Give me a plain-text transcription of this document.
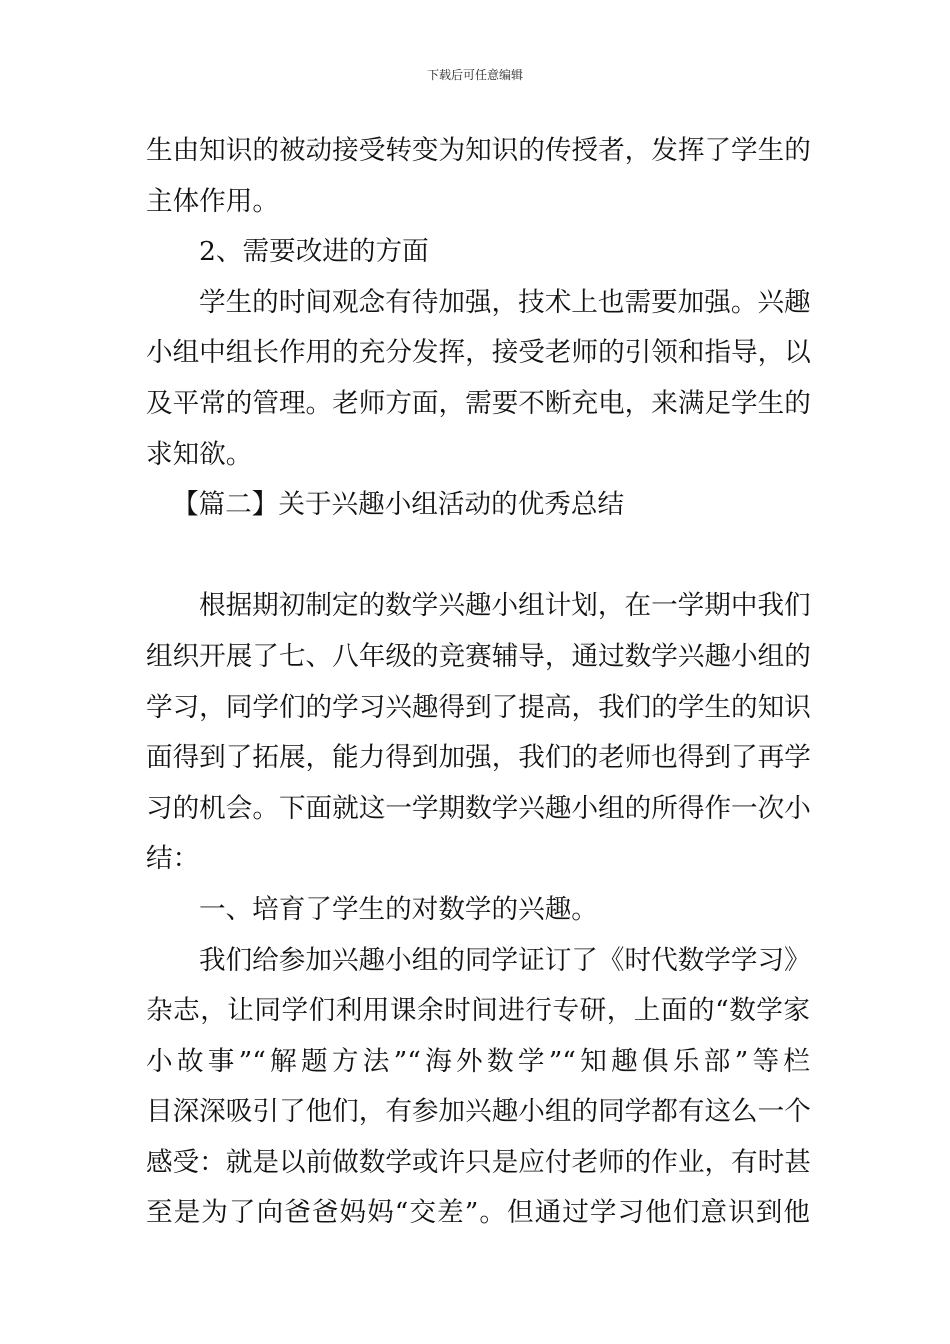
下载后可任意编辑
生由知识的被动接受转变为知识的传授者，发挥了学生的
主体作用。
2、需要改进的方面
学生的时间观念有待加强，技术上也需要加强。兴趣
小组中组长作用的充分发挥，接受老师的引领和指导，以
及平常的管理。老师方面，需要不断充电，来满足学生的
求知欲。
【篇二】关于兴趣小组活动的优秀总结
根据期初制定的数学兴趣小组计划，在一学期中我们
组织开展了七、八年级的竞赛辅导，通过数学兴趣小组的
学习，同学们的学习兴趣得到了提高，我们的学生的知识
面得到了拓展，能力得到加强，我们的老师也得到了再学
习的机会。下面就这一学期数学兴趣小组的所得作一次小
结：
一、培育了学生的对数学的兴趣。
我们给参加兴趣小组的同学证订了《时代数学学习》
杂志，让同学们利用课余时间进行专研，上面的“数学家
小故事”“解题方法”“海外数学”“知趣俱乐部”等栏
目深深吸引了他们，有参加兴趣小组的同学都有这么一个
感受：就是以前做数学或许只是应付老师的作业，有时甚
至是为了向爸爸妈妈“交差”。但通过学习他们意识到他
